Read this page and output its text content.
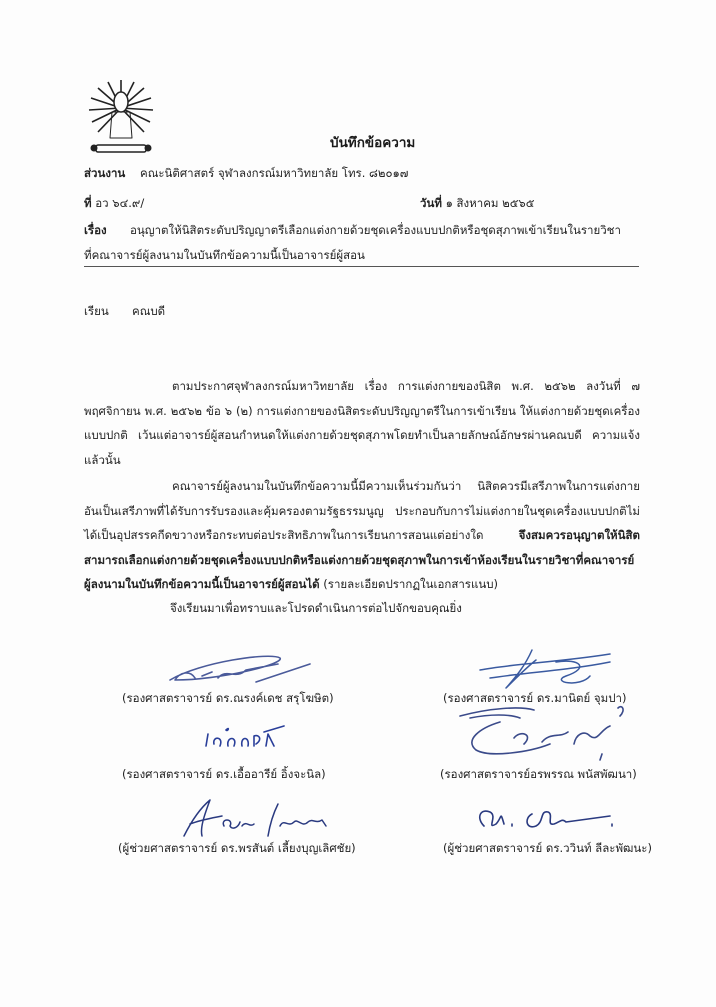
บันทึกข้อความ
ส่วนงาน คณะนิติศาสตร์ จุฬาลงกรณ์มหาวิทยาลัย โทร. ๘๒๐๑๗
ที่ อว ๖๔.๙/	วันที่ ๑ สิงหาคม ๒๕๖๕
เรื่อง อนุญาตให้นิสิตระดับปริญญาตรีเลือกแต่งกายด้วยชุดเครื่องแบบปกติหรือชุดสุภาพเข้าเรียนในรายวิชา
ที่คณาจารย์ผู้ลงนามในบันทึกข้อความนี้เป็นอาจารย์ผู้สอน
เรียน คณบดี
ตามประกาศจุฬาลงกรณ์มหาวิทยาลัย เรื่อง การแต่งกายของนิสิต พ.ศ. ๒๕๖๒ ลงวันที่ ๗ พฤศจิกายน พ.ศ. ๒๕๖๒ ข้อ ๖ (๒) การแต่งกายของนิสิตระดับปริญญาตรีในการเข้าเรียน ให้แต่งกายด้วยชุดเครื่องแบบปกติ เว้นแต่อาจารย์ผู้สอนกำหนดให้แต่งกายด้วยชุดสุภาพโดยทำเป็นลายลักษณ์อักษรผ่านคณบดี ความแจ้งแล้วนั้น
คณาจารย์ผู้ลงนามในบันทึกข้อความนี้มีความเห็นร่วมกันว่า นิสิตควรมีเสรีภาพในการแต่งกายอันเป็นเสรีภาพที่ได้รับการรับรองและคุ้มครองตามรัฐธรรมนูญ ประกอบกับการไม่แต่งกายในชุดเครื่องแบบปกติไม่ได้เป็นอุปสรรคกีดขวางหรือกระทบต่อประสิทธิภาพในการเรียนการสอนแต่อย่างใด จึงสมควรอนุญาตให้นิสิตสามารถเลือกแต่งกายด้วยชุดเครื่องแบบปกติหรือแต่งกายด้วยชุดสุภาพในการเข้าห้องเรียนในรายวิชาที่คณาจารย์ผู้ลงนามในบันทึกข้อความนี้เป็นอาจารย์ผู้สอนได้ (รายละเอียดปรากฏในเอกสารแนบ)
จึงเรียนมาเพื่อทราบและโปรดดำเนินการต่อไปจักขอบคุณยิ่ง
(รองศาสตราจารย์ ดร.ณรงค์เดช สรุโฆษิต)	(รองศาสตราจารย์ ดร.มานิตย์ จุมปา)
(รองศาสตราจารย์ ดร.เอื้ออารีย์ อิ้งจะนิล)	(รองศาสตราจารย์อรพรรณ พนัสพัฒนา)
(ผู้ช่วยศาสตราจารย์ ดร.พรสันต์ เลี้ยงบุญเลิศชัย)	(ผู้ช่วยศาสตราจารย์ ดร.ววินท์ ลีละพัฒนะ)
